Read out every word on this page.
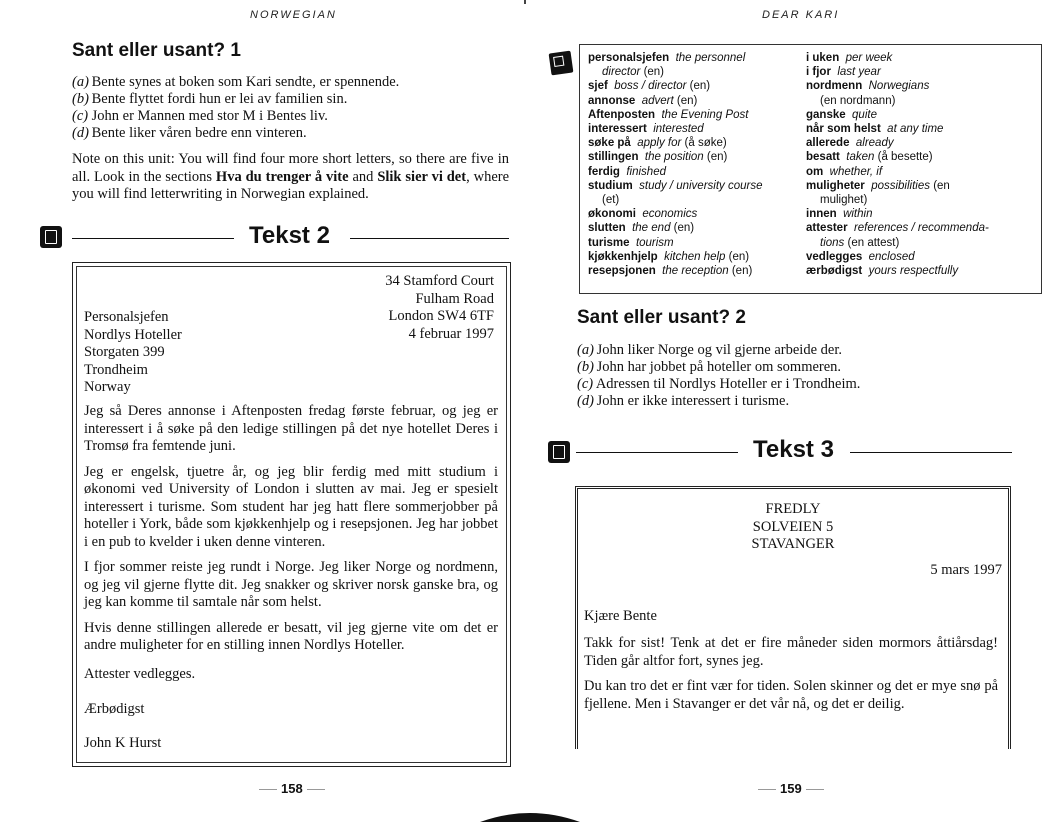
NORWEGIAN
Sant eller usant? 1
(a) Bente synes at boken som Kari sendte, er spennende.
(b) Bente flyttet fordi hun er lei av familien sin.
(c) John er Mannen med stor M i Bentes liv.
(d) Bente liker våren bedre enn vinteren.

Note on this unit: You will find four more short letters, so there are five in all. Look in the sections Hva du trenger å vite and Slik sier vi det, where you will find letterwriting in Norwegian explained.

Tekst 2
34 Stamford Court
Fulham Road
London SW4 6TF
4 februar 1997
Personalsjefen
Nordlys Hoteller
Storgaten 399
Trondheim
Norway

Jeg så Deres annonse i Aftenposten fredag første februar, og jeg er interessert i å søke på den ledige stillingen på det nye hotellet Deres i Tromsø fra femtende juni.

Jeg er engelsk, tjuetre år, og jeg blir ferdig med mitt studium i økonomi ved University of London i slutten av mai. Jeg er spesielt interessert i turisme. Som student har jeg hatt flere sommerjobber på hoteller i York, både som kjøkkenhjelp og i resepsjonen. Jeg har jobbet i en pub to kvelder i uken denne vinteren.

I fjor sommer reiste jeg rundt i Norge. Jeg liker Norge og nordmenn, og jeg vil gjerne flytte dit. Jeg snakker og skriver norsk ganske bra, og jeg kan komme til samtale når som helst.

Hvis denne stillingen allerede er besatt, vil jeg gjerne vite om det er andre muligheter for en stilling innen Nordlys Hoteller.

Attester vedlegges.
Ærbødigst
John K Hurst
158
DEAR KARI
personalsjefen the personnel
director (en)
sjef boss / director (en)
annonse advert (en)
Aftenposten the Evening Post
interessert interested
søke på apply for (å søke)
stillingen the position (en)
ferdig finished
studium study / university course
(et)
økonomi economics
slutten the end (en)
turisme tourism
kjøkkenhjelp kitchen help (en)
resepsjonen the reception (en)
i uken per week
i fjor last year
nordmenn Norwegians
(en nordmann)
ganske quite
når som helst at any time
allerede already
besatt taken (å besette)
om whether, if
muligheter possibilities (en
mulighet)
innen within
attester references / recommenda-
tions (en attest)
vedlegges enclosed
ærbødigst yours respectfully
Sant eller usant? 2
(a) John liker Norge og vil gjerne arbeide der.
(b) John har jobbet på hoteller om sommeren.
(c) Adressen til Nordlys Hoteller er i Trondheim.
(d) John er ikke interessert i turisme.
Tekst 3
FREDLY
SOLVEIEN 5
STAVANGER
5 mars 1997
Kjære Bente

Takk for sist! Tenk at det er fire måneder siden mormors åttiårsdag! Tiden går altfor fort, synes jeg.

Du kan tro det er fint vær for tiden. Solen skinner og det er mye snø på fjellene. Men i Stavanger er det vår nå, og det er deilig.

159
